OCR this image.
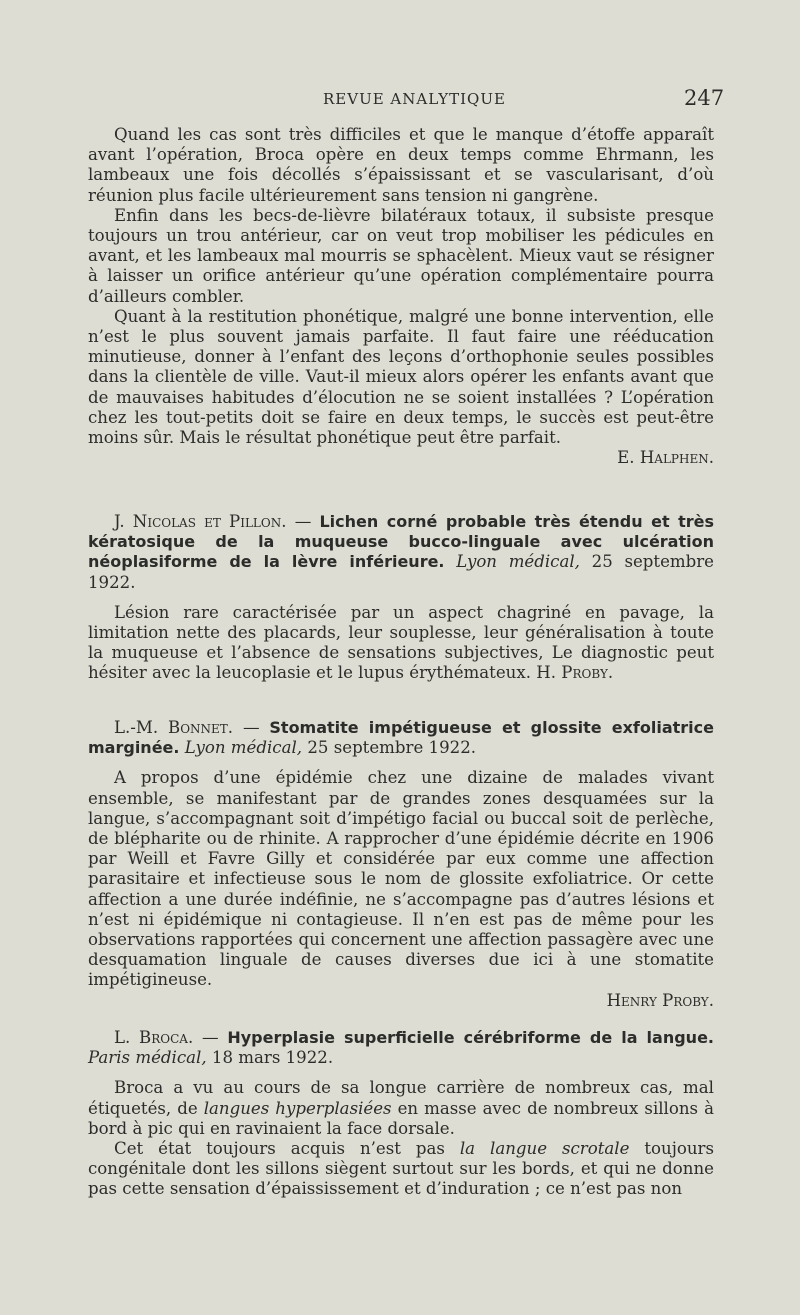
REVUE ANALYTIQUE	247

Quand les cas sont très difficiles et que le manque d’étoffe apparaît avant l’opération, Broca opère en deux temps comme Ehrmann, les lambeaux une fois décollés s’épaississant et se vascularisant, d’où réunion plus facile ultérieurement sans tension ni gangrène.

Enfin dans les becs-de-lièvre bilatéraux totaux, il subsiste presque toujours un trou antérieur, car on veut trop mobiliser les pédicules en avant, et les lambeaux mal mourris se sphacèlent. Mieux vaut se résigner à laisser un orifice antérieur qu’une opération complémentaire pourra d’ailleurs combler.

Quant à la restitution phonétique, malgré une bonne intervention, elle n’est le plus souvent jamais parfaite. Il faut faire une rééducation minutieuse, donner à l’enfant des leçons d’orthophonie seules possibles dans la clientèle de ville. Vaut-il mieux alors opérer les enfants avant que de mauvaises habitudes d’élocution ne se soient installées ? L’opération chez les tout-petits doit se faire en deux temps, le succès est peut-être moins sûr. Mais le résultat phonétique peut être parfait.

E. Halphen.

J. Nicolas et Pillon. — Lichen corné probable très étendu et très kératosique de la muqueuse bucco-linguale avec ulcération néoplasiforme de la lèvre inférieure. Lyon médical, 25 septembre 1922.

Lésion rare caractérisée par un aspect chagriné en pavage, la limitation nette des placards, leur souplesse, leur généralisation à toute la muqueuse et l’absence de sensations subjectives, Le diagnostic peut hésiter avec la leucoplasie et le lupus érythémateux. H. Proby.

L.-M. Bonnet. — Stomatite impétigueuse et glossite exfoliatrice marginée. Lyon médical, 25 septembre 1922.

A propos d’une épidémie chez une dizaine de malades vivant ensemble, se manifestant par de grandes zones desquamées sur la langue, s’accompagnant soit d’impétigo facial ou buccal soit de perlèche, de blépharite ou de rhinite. A rapprocher d’une épidémie décrite en 1906 par Weill et Favre Gilly et considérée par eux comme une affection parasitaire et infectieuse sous le nom de glossite exfoliatrice. Or cette affection a une durée indéfinie, ne s’accompagne pas d’autres lésions et n’est ni épidémique ni contagieuse. Il n’en est pas de même pour les observations rapportées qui concernent une affection passagère avec une desquamation linguale de causes diverses due ici à une stomatite impétigineuse.

Henry Proby.

L. Broca. — Hyperplasie superficielle cérébriforme de la langue. Paris médical, 18 mars 1922.

Broca a vu au cours de sa longue carrière de nombreux cas, mal étiquetés, de langues hyperplasiées en masse avec de nombreux sillons à bord à pic qui en ravinaient la face dorsale.

Cet état toujours acquis n’est pas la langue scrotale toujours congénitale dont les sillons siègent surtout sur les bords, et qui ne donne pas cette sensation d’épaississement et d’induration ; ce n’est pas non
